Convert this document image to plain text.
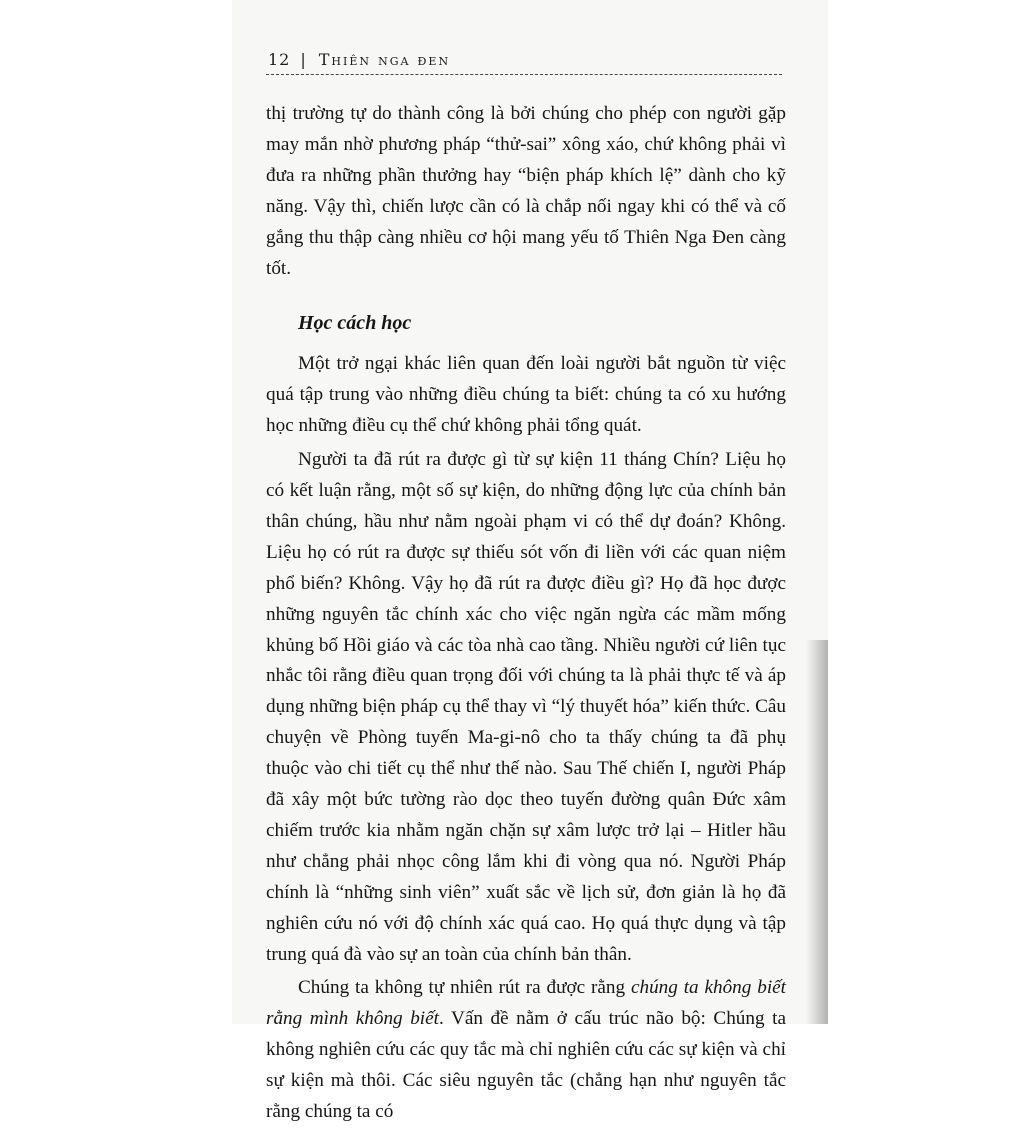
12 | Thiên nga đen

thị trường tự do thành công là bởi chúng cho phép con người gặp may mắn nhờ phương pháp “thử-sai” xông xáo, chứ không phải vì đưa ra những phần thưởng hay “biện pháp khích lệ” dành cho kỹ năng. Vậy thì, chiến lược cần có là chắp nối ngay khi có thể và cố gắng thu thập càng nhiều cơ hội mang yếu tố Thiên Nga Đen càng tốt.

Học cách học

Một trở ngại khác liên quan đến loài người bắt nguồn từ việc quá tập trung vào những điều chúng ta biết: chúng ta có xu hướng học những điều cụ thể chứ không phải tổng quát.

Người ta đã rút ra được gì từ sự kiện 11 tháng Chín? Liệu họ có kết luận rằng, một số sự kiện, do những động lực của chính bản thân chúng, hầu như nằm ngoài phạm vi có thể dự đoán? Không. Liệu họ có rút ra được sự thiếu sót vốn đi liền với các quan niệm phổ biến? Không. Vậy họ đã rút ra được điều gì? Họ đã học được những nguyên tắc chính xác cho việc ngăn ngừa các mầm mống khủng bố Hồi giáo và các tòa nhà cao tầng. Nhiều người cứ liên tục nhắc tôi rằng điều quan trọng đối với chúng ta là phải thực tế và áp dụng những biện pháp cụ thể thay vì “lý thuyết hóa” kiến thức. Câu chuyện về Phòng tuyến Ma-gi-nô cho ta thấy chúng ta đã phụ thuộc vào chi tiết cụ thể như thế nào. Sau Thế chiến I, người Pháp đã xây một bức tường rào dọc theo tuyến đường quân Đức xâm chiếm trước kia nhằm ngăn chặn sự xâm lược trở lại – Hitler hầu như chẳng phải nhọc công lắm khi đi vòng qua nó. Người Pháp chính là “những sinh viên” xuất sắc về lịch sử, đơn giản là họ đã nghiên cứu nó với độ chính xác quá cao. Họ quá thực dụng và tập trung quá đà vào sự an toàn của chính bản thân.

Chúng ta không tự nhiên rút ra được rằng chúng ta không biết rằng mình không biết. Vấn đề nằm ở cấu trúc não bộ: Chúng ta không nghiên cứu các quy tắc mà chỉ nghiên cứu các sự kiện và chỉ sự kiện mà thôi. Các siêu nguyên tắc (chẳng hạn như nguyên tắc rằng chúng ta có
